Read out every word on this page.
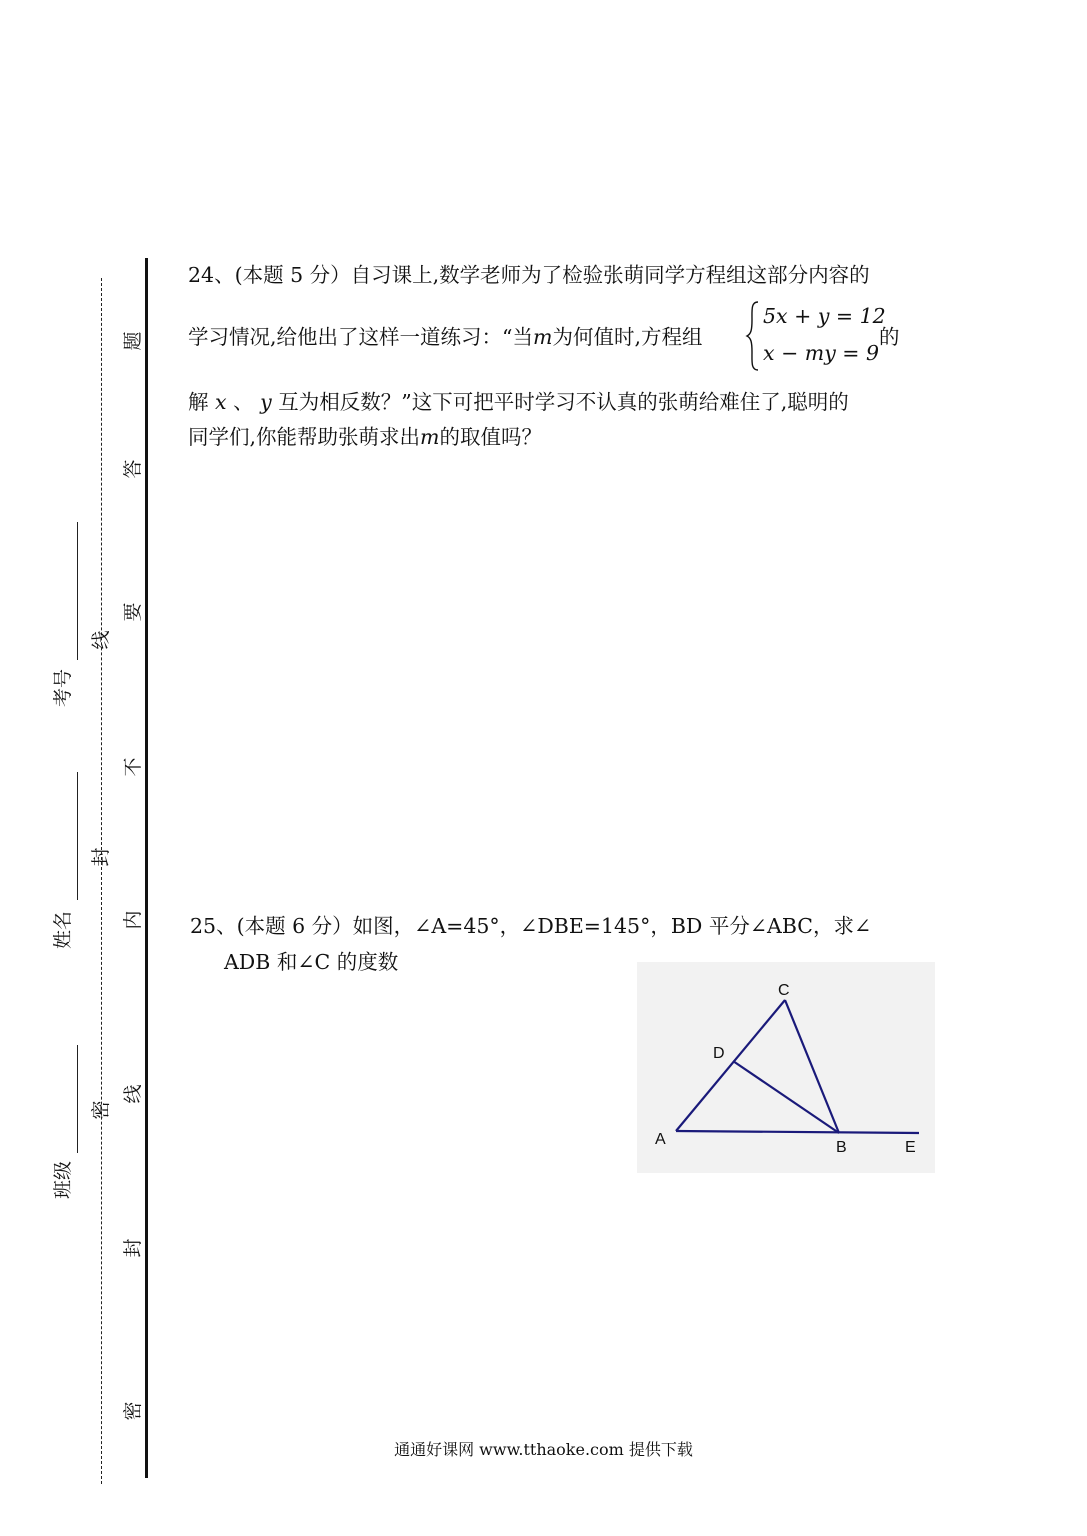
题
答
要
不
内
线
封
密
线
封
密
考号
姓名
班级
24、(本题 5 分）自习课上,数学老师为了检验张萌同学方程组这部分内容的
学习情况,给他出了这样一道练习：“当m为何值时,方程组
5x + y = 12
x − my = 9
的
解 x 、 y 互为相反数？”这下可把平时学习不认真的张萌给难住了,聪明的
同学们,你能帮助张萌求出m的取值吗？
25、(本题 6 分）如图，∠A=45°，∠DBE=145°，BD 平分∠ABC，求∠
ADB 和∠C 的度数
C
D
A	B	E
通通好课网 www.tthaoke.com 提供下载
